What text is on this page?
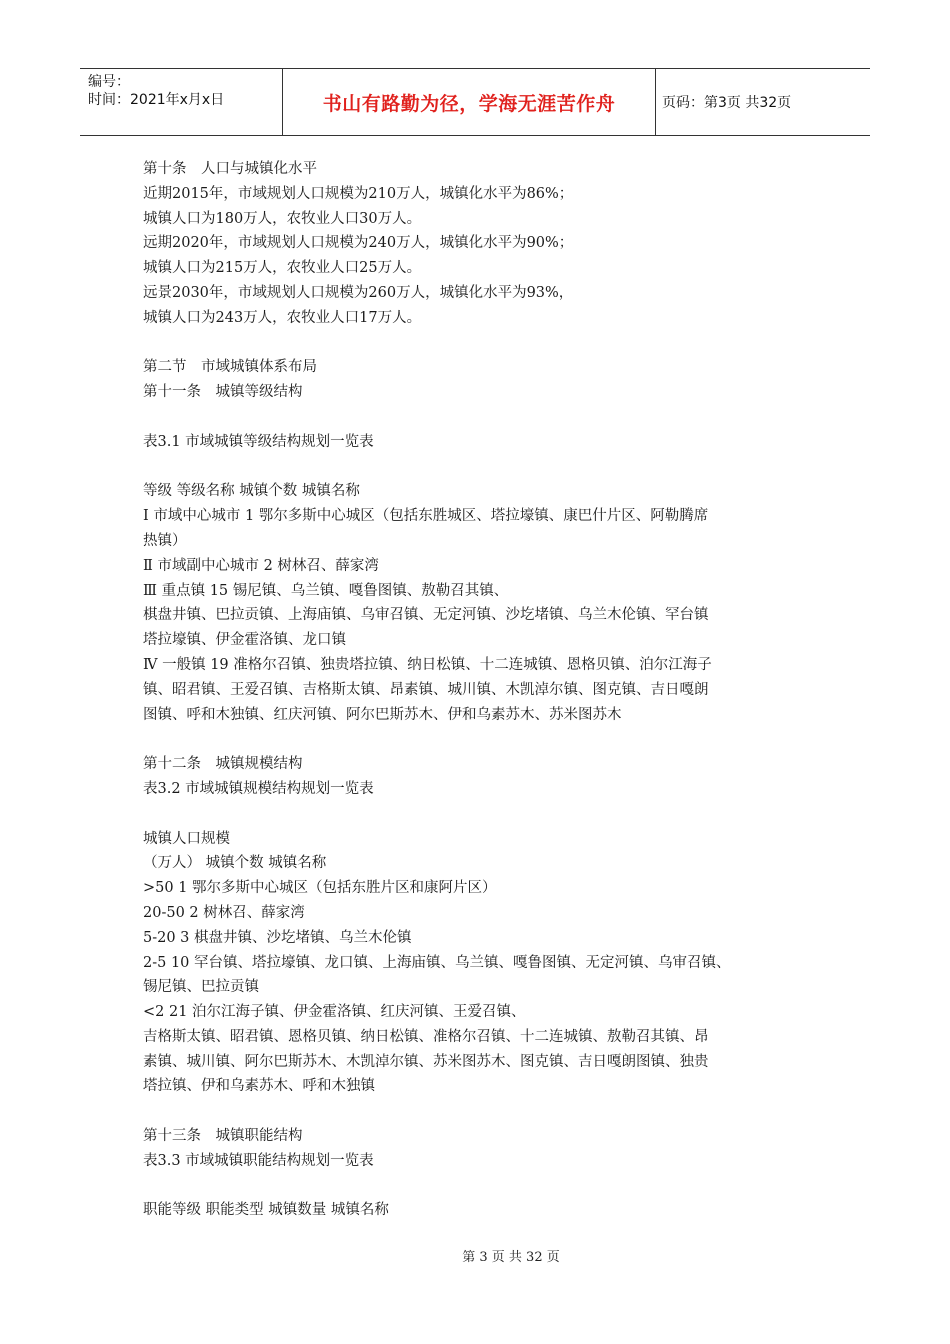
编号：
时间：2021年x月x日	书山有路勤为径，学海无涯苦作舟	页码：第3页 共32页

第十条　人口与城镇化水平

近期2015年，市域规划人口规模为210万人，城镇化水平为86%；

城镇人口为180万人，农牧业人口30万人。

远期2020年，市域规划人口规模为240万人，城镇化水平为90%；

城镇人口为215万人，农牧业人口25万人。

远景2030年，市域规划人口规模为260万人，城镇化水平为93%，

城镇人口为243万人，农牧业人口17万人。

第二节　市域城镇体系布局

第十一条　城镇等级结构

表3.1 市域城镇等级结构规划一览表

等级 等级名称 城镇个数 城镇名称

I 市域中心城市 1 鄂尔多斯中心城区（包括东胜城区、塔拉壕镇、康巴什片区、阿勒腾席

热镇）

Ⅱ 市域副中心城市 2 树林召、薛家湾

Ⅲ 重点镇 15 锡尼镇、乌兰镇、嘎鲁图镇、敖勒召其镇、

棋盘井镇、巴拉贡镇、上海庙镇、乌审召镇、无定河镇、沙圪堵镇、乌兰木伦镇、罕台镇

塔拉壕镇、伊金霍洛镇、龙口镇

Ⅳ 一般镇 19 准格尔召镇、独贵塔拉镇、纳日松镇、十二连城镇、恩格贝镇、泊尔江海子

镇、昭君镇、王爱召镇、吉格斯太镇、昂素镇、城川镇、木凯淖尔镇、图克镇、吉日嘎朗

图镇、呼和木独镇、红庆河镇、阿尔巴斯苏木、伊和乌素苏木、苏米图苏木

第十二条　城镇规模结构

表3.2 市域城镇规模结构规划一览表

城镇人口规模

（万人） 城镇个数 城镇名称

>50 1 鄂尔多斯中心城区（包括东胜片区和康阿片区）

20-50 2 树林召、薛家湾

5-20 3 棋盘井镇、沙圪堵镇、乌兰木伦镇

2-5 10 罕台镇、塔拉壕镇、龙口镇、上海庙镇、乌兰镇、嘎鲁图镇、无定河镇、乌审召镇、

锡尼镇、巴拉贡镇

<2 21 泊尔江海子镇、伊金霍洛镇、红庆河镇、王爱召镇、

吉格斯太镇、昭君镇、恩格贝镇、纳日松镇、准格尔召镇、十二连城镇、敖勒召其镇、昂

素镇、城川镇、阿尔巴斯苏木、木凯淖尔镇、苏米图苏木、图克镇、吉日嘎朗图镇、独贵

塔拉镇、伊和乌素苏木、呼和木独镇

第十三条　城镇职能结构

表3.3 市域城镇职能结构规划一览表

职能等级 职能类型 城镇数量 城镇名称

第 3 页 共 32 页
